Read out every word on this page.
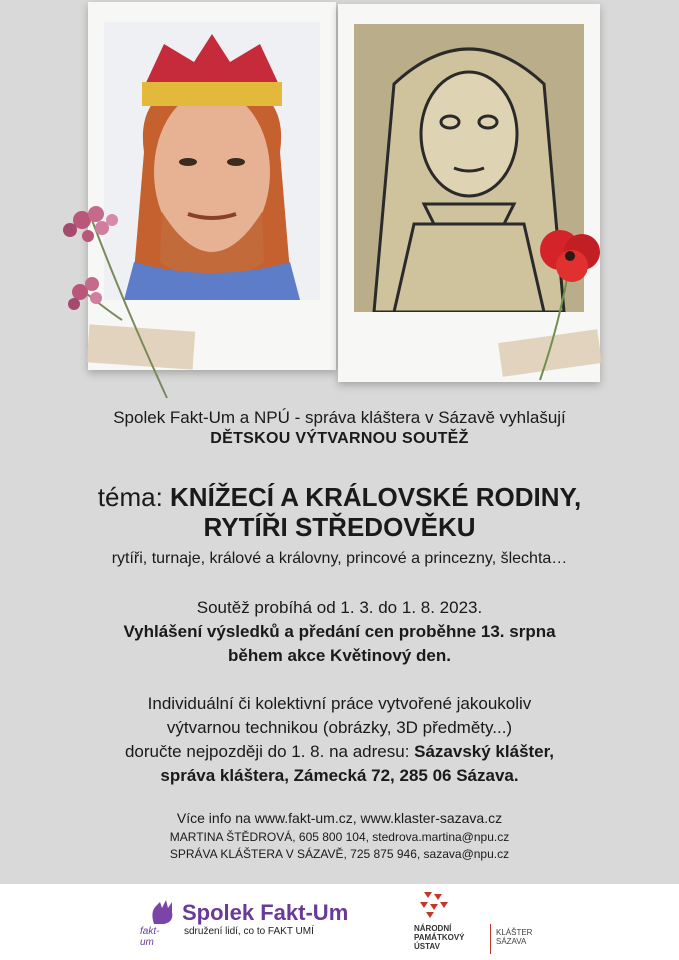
Spolek Fakt-Um a NPÚ - správa kláštera v Sázavě vyhlašují
DĚTSKOU VÝTVARNOU SOUTĚŽ
téma: KNÍŽECÍ A KRÁLOVSKÉ RODINY,
RYTÍŘI STŘEDOVĚKU
rytíři, turnaje, králové a královny, princové a princezny, šlechta…
Soutěž probíhá od 1. 3. do 1. 8. 2023.
Vyhlášení výsledků a předání cen proběhne 13. srpna
během akce Květinový den.
Individuální či kolektivní práce vytvořené jakoukoliv
výtvarnou technikou (obrázky, 3D předměty...)
doručte nejpozději do 1. 8. na adresu: Sázavský klášter,
správa kláštera, Zámecká 72, 285 06 Sázava.
Více info na www.fakt-um.cz, www.klaster-sazava.cz
MARTINA ŠTĚDROVÁ, 605 800 104, stedrova.martina@npu.cz
SPRÁVA KLÁŠTERA V SÁZAVĚ, 725 875 946, sazava@npu.cz
Spolek Fakt-Um
fakt-um
sdružení lidí, co to FAKT UMÍ	NÁRODNÍ
PAMÁTKOVÝ
ÚSTAV
KLÁŠTER
SÁZAVA
